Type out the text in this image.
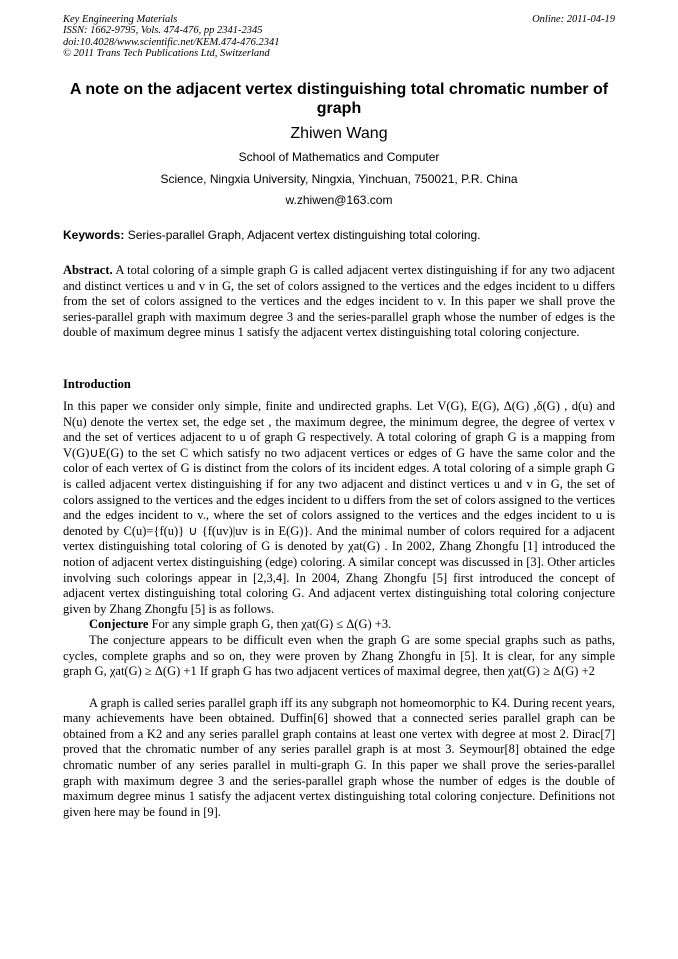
Key Engineering Materials
ISSN: 1662-9795, Vols. 474-476, pp 2341-2345
doi:10.4028/www.scientific.net/KEM.474-476.2341
© 2011 Trans Tech Publications Ltd, Switzerland
Online: 2011-04-19
A note on the adjacent vertex distinguishing total chromatic number of graph
Zhiwen Wang
School of Mathematics and Computer
Science, Ningxia University, Ningxia, Yinchuan, 750021, P.R. China
w.zhiwen@163.com
Keywords: Series-parallel Graph, Adjacent vertex distinguishing total coloring.

Abstract. A total coloring of a simple graph G is called adjacent vertex distinguishing if for any two adjacent and distinct vertices u and v in G, the set of colors assigned to the vertices and the edges incident to u differs from the set of colors assigned to the vertices and the edges incident to v. In this paper we shall prove the series-parallel graph with maximum degree 3 and the series-parallel graph whose the number of edges is the double of maximum degree minus 1 satisfy the adjacent vertex distinguishing total coloring conjecture.

Introduction

In this paper we consider only simple, finite and undirected graphs. Let V(G), E(G), Δ(G) ,δ(G) , d(u) and N(u) denote the vertex set, the edge set , the maximum degree, the minimum degree, the degree of vertex v and the set of vertices adjacent to u of graph G respectively. A total coloring of graph G is a mapping from V(G)∪E(G) to the set C which satisfy no two adjacent vertices or edges of G have the same color and the color of each vertex of G is distinct from the colors of its incident edges. A total coloring of a simple graph G is called adjacent vertex distinguishing if for any two adjacent and distinct vertices u and v in G, the set of colors assigned to the vertices and the edges incident to u differs from the set of colors assigned to the vertices and the edges incident to v., where the set of colors assigned to the vertices and the edges incident to u is denoted by C(u)={f(u)} ∪ {f(uv)|uv is in E(G)}. And the minimal number of colors required for a adjacent vertex distinguishing total coloring of G is denoted by χat(G) . In 2002, Zhang Zhongfu [1] introduced the notion of adjacent vertex distinguishing (edge) coloring. A similar concept was discussed in [3]. Other articles involving such colorings appear in [2,3,4]. In 2004, Zhang Zhongfu [5] first introduced the concept of adjacent vertex distinguishing total coloring G. And adjacent vertex distinguishing total coloring conjecture given by Zhang Zhongfu [5] is as follows.

Conjecture For any simple graph G, then χat(G) ≤ Δ(G) +3.

The conjecture appears to be difficult even when the graph G are some special graphs such as paths, cycles, complete graphs and so on, they were proven by Zhang Zhongfu in [5]. It is clear, for any simple graph G, χat(G) ≥ Δ(G) +1 If graph G has two adjacent vertices of maximal degree, then χat(G) ≥ Δ(G) +2

A graph is called series parallel graph iff its any subgraph not homeomorphic to K4. During recent years, many achievements have been obtained. Duffin[6] showed that a connected series parallel graph can be obtained from a K2 and any series parallel graph contains at least one vertex with degree at most 2. Dirac[7] proved that the chromatic number of any series parallel graph is at most 3. Seymour[8] obtained the edge chromatic number of any series parallel in multi-graph G. In this paper we shall prove the series-parallel graph with maximum degree 3 and the series-parallel graph whose the number of edges is the double of maximum degree minus 1 satisfy the adjacent vertex distinguishing total coloring conjecture. Definitions not given here may be found in [9].
